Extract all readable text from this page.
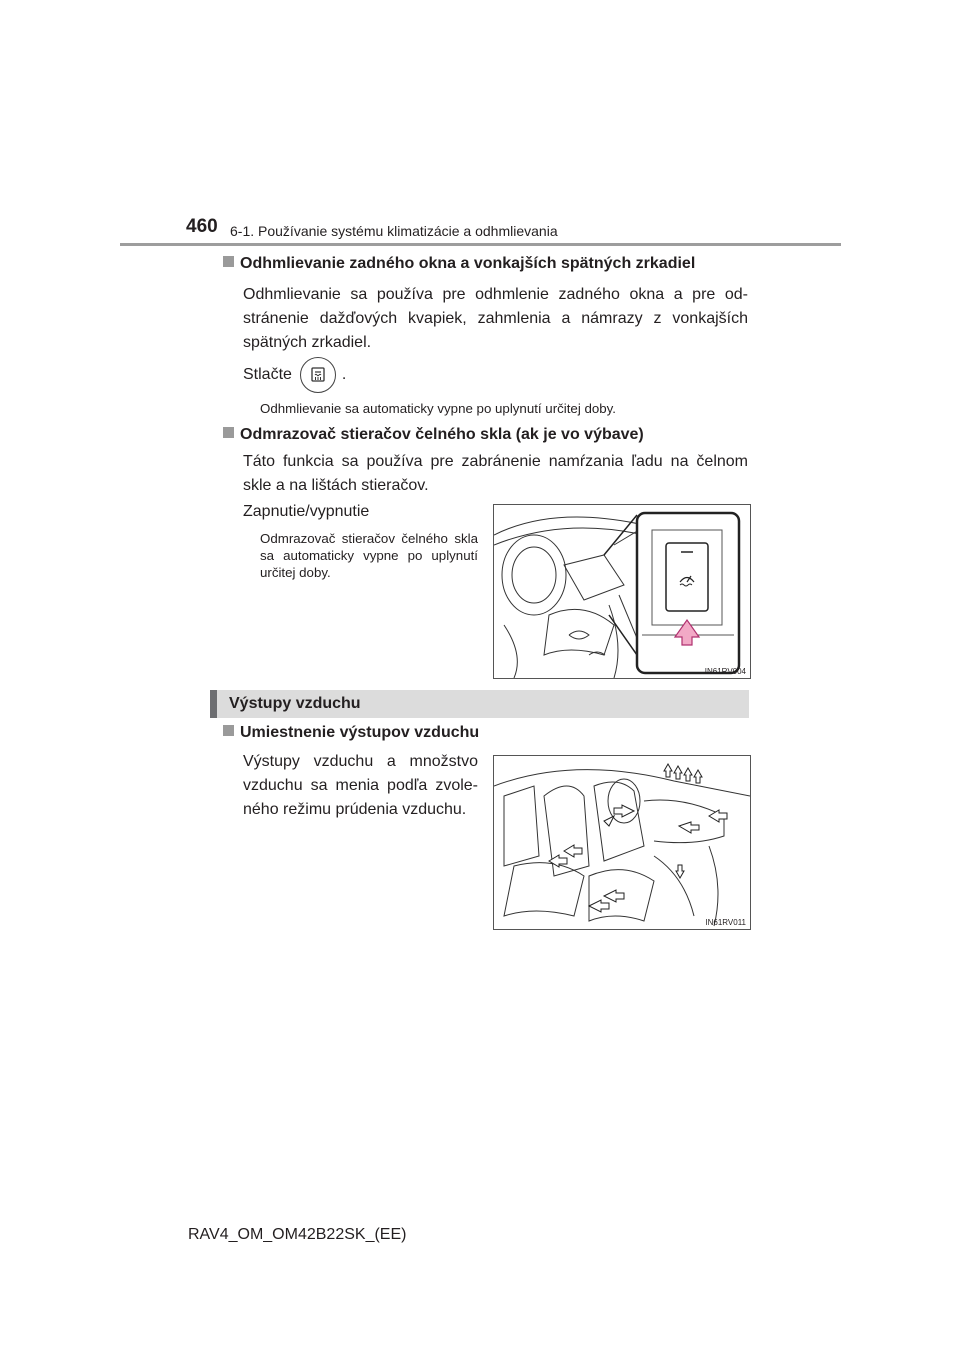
460 6-1. Používanie systému klimatizácie a odhmlievania
Odhmlievanie zadného okna a vonkajších spätných zrkadiel
Odhmlievanie sa používa pre odhmlenie zadného okna a pre od-stránenie dažďových kvapiek, zahmlenia a námrazy z vonkajších spätných zrkadiel.
Stlačte	.
Odhmlievanie sa automaticky vypne po uplynutí určitej doby.
Odmrazovač stieračov čelného skla (ak je vo výbave)
Táto funkcia sa používa pre zabránenie namŕzania ľadu na čelnom skle a na lištách stieračov.
Zapnutie/vypnutie
Odmrazovač stieračov čelného skla sa automaticky vypne po uplynutí určitej doby.
IN61RV004
Výstupy vzduchu
Umiestnenie výstupov vzduchu
Výstupy vzduchu a množstvo vzduchu sa menia podľa zvole-ného režimu prúdenia vzduchu.
IN61RV011
RAV4_OM_OM42B22SK_(EE)
